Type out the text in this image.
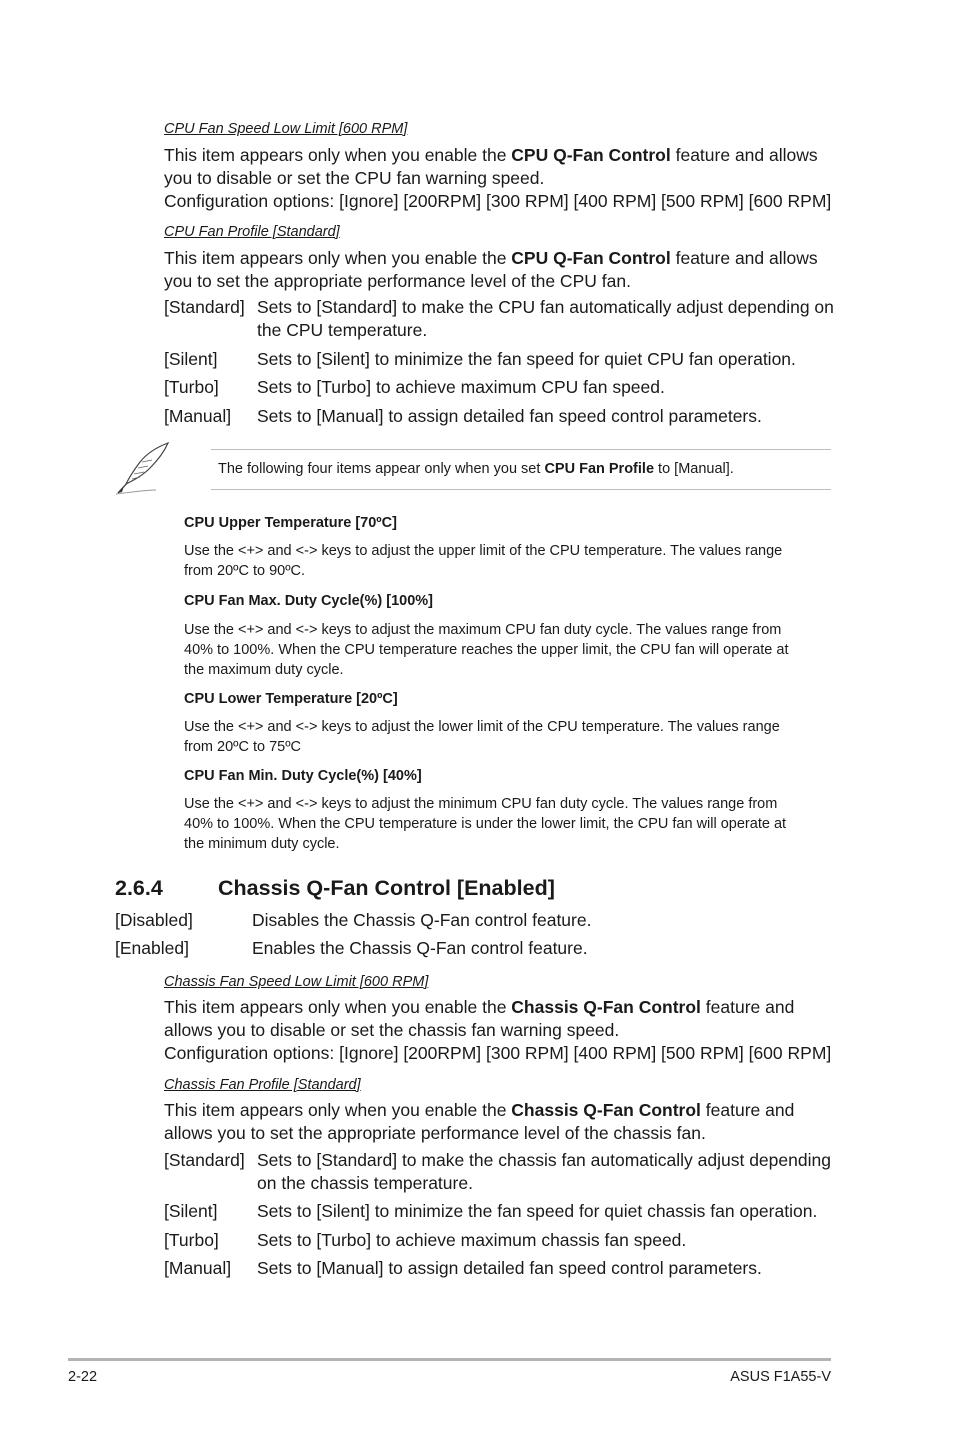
CPU Fan Speed Low Limit [600 RPM]
This item appears only when you enable the CPU Q-Fan Control feature and allows
you to disable or set the CPU fan warning speed.
Configuration options: [Ignore] [200RPM] [300 RPM] [400 RPM] [500 RPM] [600 RPM]
CPU Fan Profile [Standard]
This item appears only when you enable the CPU Q-Fan Control feature and allows
you to set the appropriate performance level of the CPU fan.
[Standard] Sets to [Standard] to make the CPU fan automatically adjust depending on
the CPU temperature.
[Silent] Sets to [Silent] to minimize the fan speed for quiet CPU fan operation.
[Turbo] Sets to [Turbo] to achieve maximum CPU fan speed.
[Manual] Sets to [Manual] to assign detailed fan speed control parameters.
The following four items appear only when you set CPU Fan Profile to [Manual].
CPU Upper Temperature [70ºC]
Use the <+> and <-> keys to adjust the upper limit of the CPU temperature. The values range
from 20ºC to 90ºC.
CPU Fan Max. Duty Cycle(%) [100%]
Use the <+> and <-> keys to adjust the maximum CPU fan duty cycle. The values range from
40% to 100%. When the CPU temperature reaches the upper limit, the CPU fan will operate at
the maximum duty cycle.
CPU Lower Temperature [20ºC]
Use the <+> and <-> keys to adjust the lower limit of the CPU temperature. The values range
from 20ºC to 75ºC
CPU Fan Min. Duty Cycle(%) [40%]
Use the <+> and <-> keys to adjust the minimum CPU fan duty cycle. The values range from
40% to 100%. When the CPU temperature is under the lower limit, the CPU fan will operate at
the minimum duty cycle.
2.6.4	Chassis Q-Fan Control [Enabled]
[Disabled]	Disables the Chassis Q-Fan control feature.
[Enabled]	Enables the Chassis Q-Fan control feature.
Chassis Fan Speed Low Limit [600 RPM]
This item appears only when you enable the Chassis Q-Fan Control feature and
allows you to disable or set the chassis fan warning speed.
Configuration options: [Ignore] [200RPM] [300 RPM] [400 RPM] [500 RPM] [600 RPM]
Chassis Fan Profile [Standard]
This item appears only when you enable the Chassis Q-Fan Control feature and
allows you to set the appropriate performance level of the chassis fan.
[Standard] Sets to [Standard] to make the chassis fan automatically adjust depending
on the chassis temperature.
[Silent] Sets to [Silent] to minimize the fan speed for quiet chassis fan operation.
[Turbo] Sets to [Turbo] to achieve maximum chassis fan speed.
[Manual] Sets to [Manual] to assign detailed fan speed control parameters.
2-22	ASUS F1A55-V
